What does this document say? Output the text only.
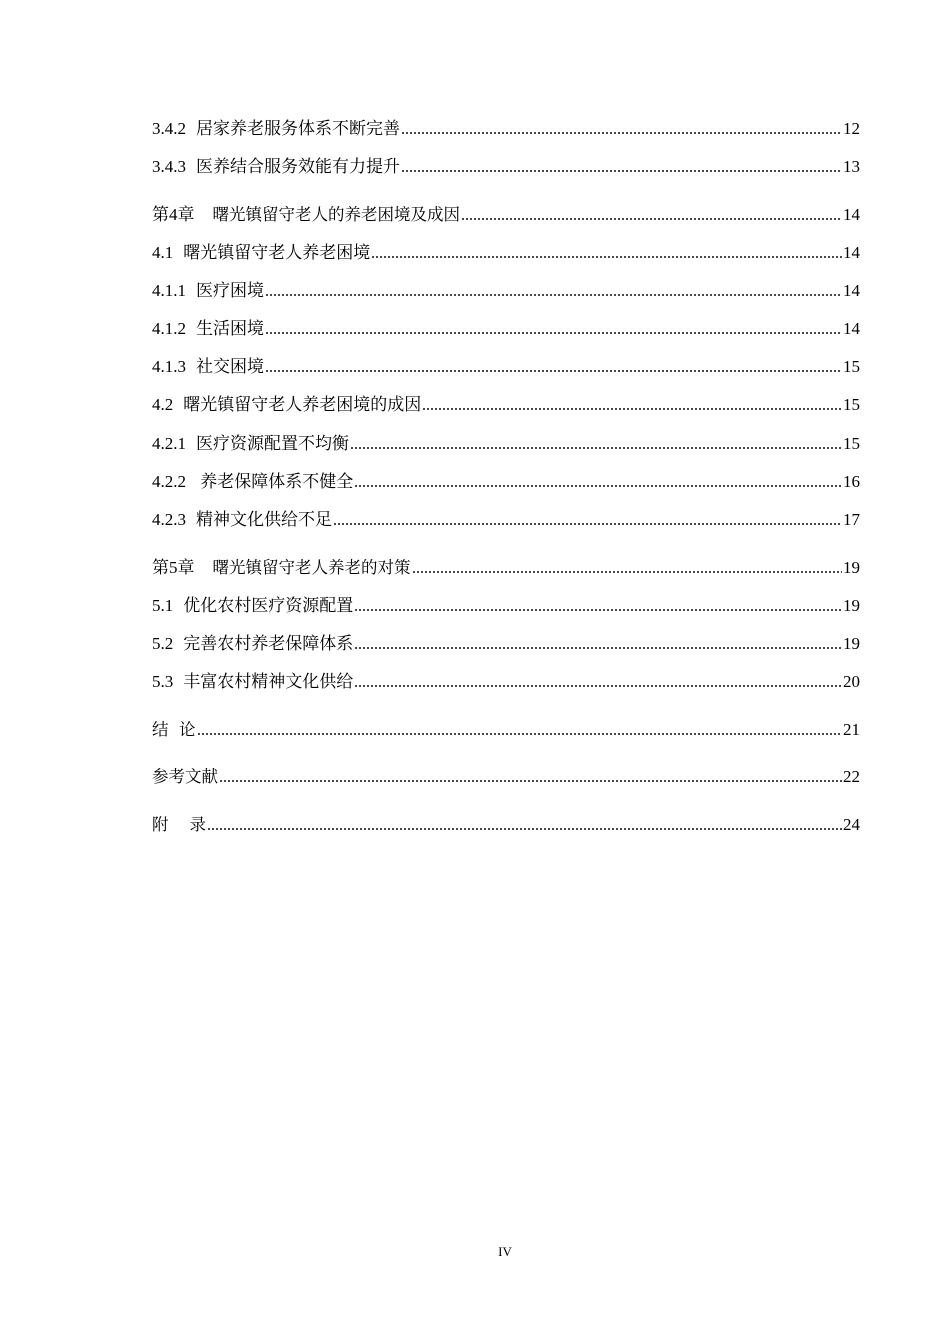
3.4.2 居家养老服务体系不断完善	12
3.4.3 医养结合服务效能有力提升	13
第4章 曙光镇留守老人的养老困境及成因	14
4.1 曙光镇留守老人养老困境	14
4.1.1 医疗困境	14
4.1.2 生活困境	14
4.1.3 社交困境	15
4.2 曙光镇留守老人养老困境的成因	15
4.2.1 医疗资源配置不均衡	15
4.2.2 养老保障体系不健全	16
4.2.3 精神文化供给不足	17
第5章 曙光镇留守老人养老的对策	19
5.1 优化农村医疗资源配置	19
5.2 完善农村养老保障体系	19
5.3 丰富农村精神文化供给	20
结  论	21
参考文献	22
附    录	24
IV
